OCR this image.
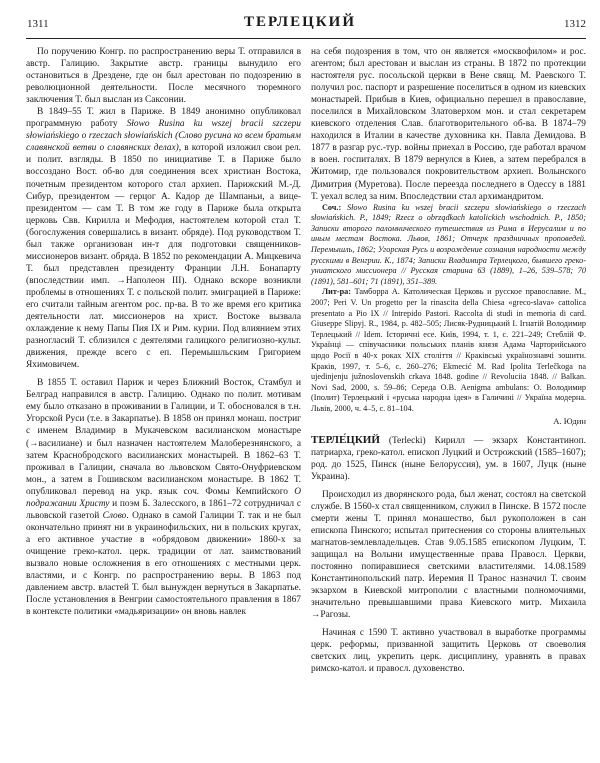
1311	ТЕРЛЕЦКИЙ	1312

По поручению Конгр. по распространению веры Т. отправился в австр. Галицию. Закрытие австр. границы вынудило его остановиться в Дрездене, где он был арестован по подозрению в революционной деятельности. После месячного тюремного заключения Т. был выслан из Саксонии.

В 1849–55 Т. жил в Париже. В 1849 анонимно опубликовал программную работу Słowo Rusina ku wszej bracii szczepu słowiańskiego o rzeczach słowiańskich (Слово русина ко всем братьям славянской ветви о славянских делах), в которой изложил свои рел. и полит. взгляды. В 1850 по инициативе Т. в Париже было воссоздано Вост. об-во для соединения всех христиан Востока, почетным президентом которого стал архиеп. Парижский М.-Д. Сибур, президентом — герцог А. Кадор де Шампаньи, а вице-президентом — сам Т. В том же году в Париже была открыта церковь Свв. Кирилла и Мефодия, настоятелем которой стал Т. (богослужения совершались в визант. обряде). Под руководством Т. был также организован ин-т для подготовки священников-миссионеров визант. обряда. В 1852 по рекомендации А. Мицкевича Т. был представлен президенту Франции Л.Н. Бонапарту (впоследствии имп. →Наполеон III). Однако вскоре возникли проблемы в отношениях Т. с польской полит. эмиграцией в Париже: его считали тайным агентом рос. пр-ва. В то же время его критика деятельности лат. миссионеров на христ. Востоке вызвала охлаждение к нему Папы Пия IX и Рим. курии. Под влиянием этих разногласий Т. сблизился с деятелями галицкого религиозно-культ. движения, прежде всего с еп. Перемышльским Григорием Яхимовичем.

В 1855 Т. оставил Париж и через Ближний Восток, Стамбул и Белград направился в австр. Галицию. Однако по полит. мотивам ему было отказано в проживании в Галиции, и Т. обосновался в т.н. Угорской Руси (т.е. в Закарпатье). В 1858 он принял монаш. постриг с именем Владимир в Мукачевском василианском монастыре (→василиане) и был назначен настоятелем Малоберезнянского, а затем Краснобродского василианских монастырей. В 1862–63 Т. проживал в Галиции, сначала во львовском Свято-Онуфриевском мон., а затем в Гошивском василианском монастыре. В 1862 Т. опубликовал перевод на укр. язык соч. Фомы Кемпийского О подражании Христу и поэм Б. Залесского, в 1861–72 сотрудничал с львовской газетой Слово. Однако в самой Галиции Т. так и не был окончательно принят ни в украинофильских, ни в польских кругах, а его активное участие в «обрядовом движении» 1860-х за очищение греко-катол. церк. традиции от лат. заимствований вызвало новые осложнения в его отношениях с местными церк. властями, и с Конгр. по распространению веры. В 1863 под давлением австр. властей Т. был вынужден вернуться в Закарпатье. После установления в Венгрии самостоятельного правления в 1867 в контексте политики «мадьяризации» он вновь навлек

на себя подозрения в том, что он является «москвофилом» и рос. агентом; был арестован и выслан из страны. В 1872 по протекции настоятеля рус. посольской церкви в Вене свящ. М. Раевского Т. получил рос. паспорт и разрешение поселиться в одном из киевских монастырей. Прибыв в Киев, официально перешел в православие, поселился в Михайловском Златоверхом мон. и стал секретарем киевского отделения Слав. благотворительного об-ва. В 1874–79 находился в Италии в качестве духовника кн. Павла Демидова. В 1877 в разгар рус.-тур. войны приехал в Россию, где работал врачом в воен. госпиталях. В 1879 вернулся в Киев, а затем перебрался в Житомир, где пользовался покровительством архиеп. Волынского Димитрия (Муретова). После переезда последнего в Одессу в 1881 Т. уехал вслед за ним. Впоследствии стал архимандритом.

Соч.: Słowo Rusina ku wszej bracii szczepu słowiańskiego o rzeczach słowiańskich. P., 1849; Rzecz o obrządkach katolickich wschodnich. P., 1850; Записки второго паломнического путешествия из Рима в Иерусалим и по иным местам Востока. Львов, 1861; Отчерк праздничных проповедей. Перемышль, 1862; Угорская Русь и возрождение сознания народности между русскими в Венгрии. К., 1874; Записки Владимира Терлецкого, бывшего греко-униатского миссионера // Русская старина 63 (1889), 1–26, 539–578; 70 (1891), 581–601; 71 (1891), 351–389.

Лит-ра: Тамборра А. Католическая Церковь и русское православие. М., 2007; Peri V. Un progetto per la rinascita della Chiesa «greco-slava» cattolica presentato a Pio IX // Intrepido Pastori. Raccolta di studi in memoria di card. Giuseppe Slipyj. R., 1984, p. 482–505; Лисяк-Рудницький І. Ігнатій Володимир Терлецький // Idem. Історичні есе. Київ, 1994, т. 1, с. 221–249; Стеблій Ф. Українці — співучасники польських планів князя Адама Чарторийського щодо Росії в 40-х роках XIX століття // Краківські українознавчі зошити. Краків, 1997, т. 5–6, с. 260–276; Ekmecić M. Rad Ipolita Terlečkoga na ujedinjenju južnoslovenskih crkava 1848. godine // Revoluciia 1848. // Balkan. Novi Sad, 2000, s. 59–86; Середа О.В. Aenigma ambulans: О. Володимир (Іполит) Терлецький і «руська народна ідея» в Галичині // Україна модерна. Львів, 2000, ч. 4–5, с. 81–104.

А. Юдин

ТЕРЛЕ́ЦКИЙ (Terlecki) Кирилл — экзарх Константиноп. патриарха, греко-катол. епископ Луцкий и Острожский (1585–1607); род. до 1525, Пинск (ныне Белоруссия), ум. в 1607, Луцк (ныне Украина).

Происходил из дворянского рода, был женат, состоял на светской службе. В 1560-х стал священником, служил в Пинске. В 1572 после смерти жены Т. принял монашество, был рукоположен в сан епископа Пинского; испытал притеснения со стороны влиятельных магнатов-землевладельцев. Став 9.05.1585 епископом Луцким, Т. защищал на Волыни имущественные права Правосл. Церкви, постоянно попиравшиеся светскими властителями. 14.08.1589 Константинопольский патр. Иеремия II Транос назначил Т. своим экзархом в Киевской митрополии с властными полномочиями, значительно превышавшими права Киевского митр. Михаила →Рагозы.

Начиная с 1590 Т. активно участвовал в выработке программы церк. реформы, призванной защитить Церковь от своеволия светских лиц, укрепить церк. дисциплину, уравнять в правах римско-катол. и правосл. духовенство.
